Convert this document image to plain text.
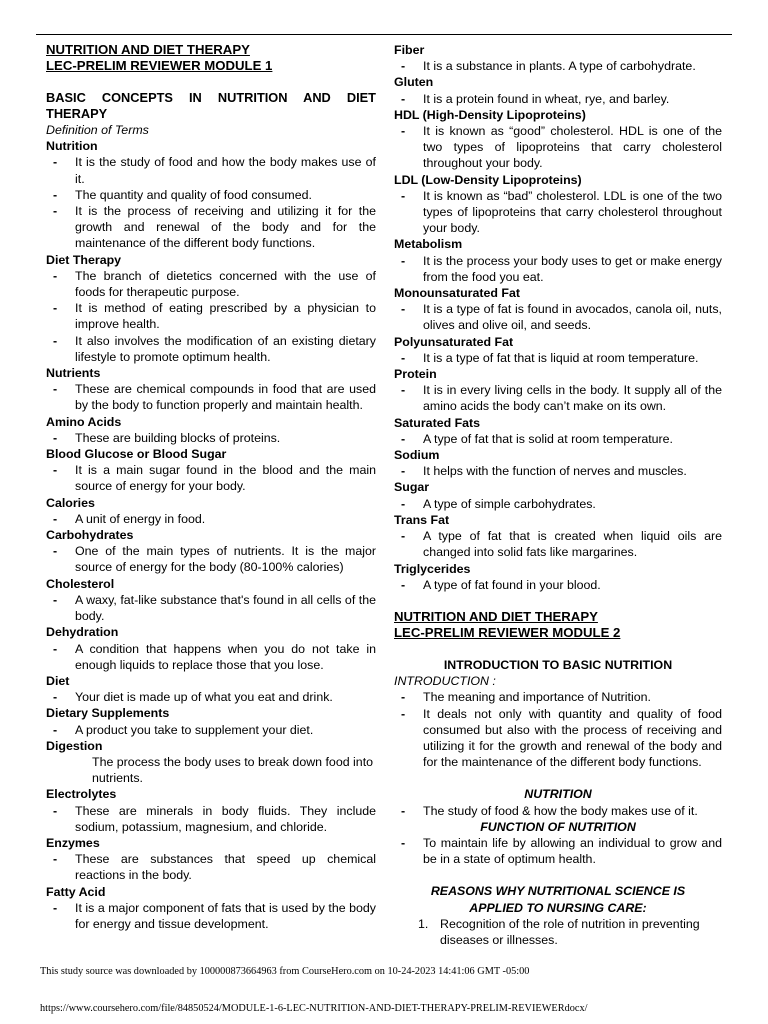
NUTRITION AND DIET THERAPY
LEC-PRELIM REVIEWER MODULE 1
BASIC CONCEPTS IN NUTRITION AND DIET
THERAPY
Definition of Terms
Nutrition
- It is the study of food and how the body makes use of it.
- The quantity and quality of food consumed.
- It is the process of receiving and utilizing it for the growth and renewal of the body and for the maintenance of the different body functions.
Diet Therapy
- The branch of dietetics concerned with the use of foods for therapeutic purpose.
- It is method of eating prescribed by a physician to improve health.
- It also involves the modification of an existing dietary lifestyle to promote optimum health.
Nutrients
- These are chemical compounds in food that are used by the body to function properly and maintain health.
Amino Acids
- These are building blocks of proteins.
Blood Glucose or Blood Sugar
- It is a main sugar found in the blood and the main source of energy for your body.
Calories
- A unit of energy in food.
Carbohydrates
- One of the main types of nutrients. It is the major source of energy for the body (80-100% calories)
Cholesterol
- A waxy, fat-like substance that's found in all cells of the body.
Dehydration
- A condition that happens when you do not take in enough liquids to replace those that you lose.
Diet
- Your diet is made up of what you eat and drink.
Dietary Supplements
- A product you take to supplement your diet.
Digestion
The process the body uses to break down food into nutrients.
Electrolytes
- These are minerals in body fluids. They include sodium, potassium, magnesium, and chloride.
Enzymes
- These are substances that speed up chemical reactions in the body.
Fatty Acid
- It is a major component of fats that is used by the body for energy and tissue development.
Fiber
- It is a substance in plants. A type of carbohydrate.
Gluten
- It is a protein found in wheat, rye, and barley.
HDL (High-Density Lipoproteins)
- It is known as “good” cholesterol. HDL is one of the two types of lipoproteins that carry cholesterol throughout your body.
LDL (Low-Density Lipoproteins)
- It is known as “bad” cholesterol. LDL is one of the two types of lipoproteins that carry cholesterol throughout your body.
Metabolism
- It is the process your body uses to get or make energy from the food you eat.
Monounsaturated Fat
- It is a type of fat is found in avocados, canola oil, nuts, olives and olive oil, and seeds.
Polyunsaturated Fat
- It is a type of fat that is liquid at room temperature.
Protein
- It is in every living cells in the body. It supply all of the amino acids the body can’t make on its own.
Saturated Fats
- A type of fat that is solid at room temperature.
Sodium
- It helps with the function of nerves and muscles.
Sugar
- A type of simple carbohydrates.
Trans Fat
- A type of fat that is created when liquid oils are changed into solid fats like margarines.
Triglycerides
- A type of fat found in your blood.
NUTRITION AND DIET THERAPY
LEC-PRELIM REVIEWER MODULE 2
INTRODUCTION TO BASIC NUTRITION
INTRODUCTION :
- The meaning and importance of Nutrition.
- It deals not only with quantity and quality of food consumed but also with the process of receiving and utilizing it for the growth and renewal of the body and for the maintenance of the different body functions.
NUTRITION
- The study of food & how the body makes use of it.
FUNCTION OF NUTRITION
- To maintain life by allowing an individual to grow and be in a state of optimum health.
REASONS WHY NUTRITIONAL SCIENCE IS
APPLIED TO NURSING CARE:
1. Recognition of the role of nutrition in preventing diseases or illnesses.
This study source was downloaded by 100000873664963 from CourseHero.com on 10-24-2023 14:41:06 GMT -05:00
https://www.coursehero.com/file/84850524/MODULE-1-6-LEC-NUTRITION-AND-DIET-THERAPY-PRELIM-REVIEWERdocx/
